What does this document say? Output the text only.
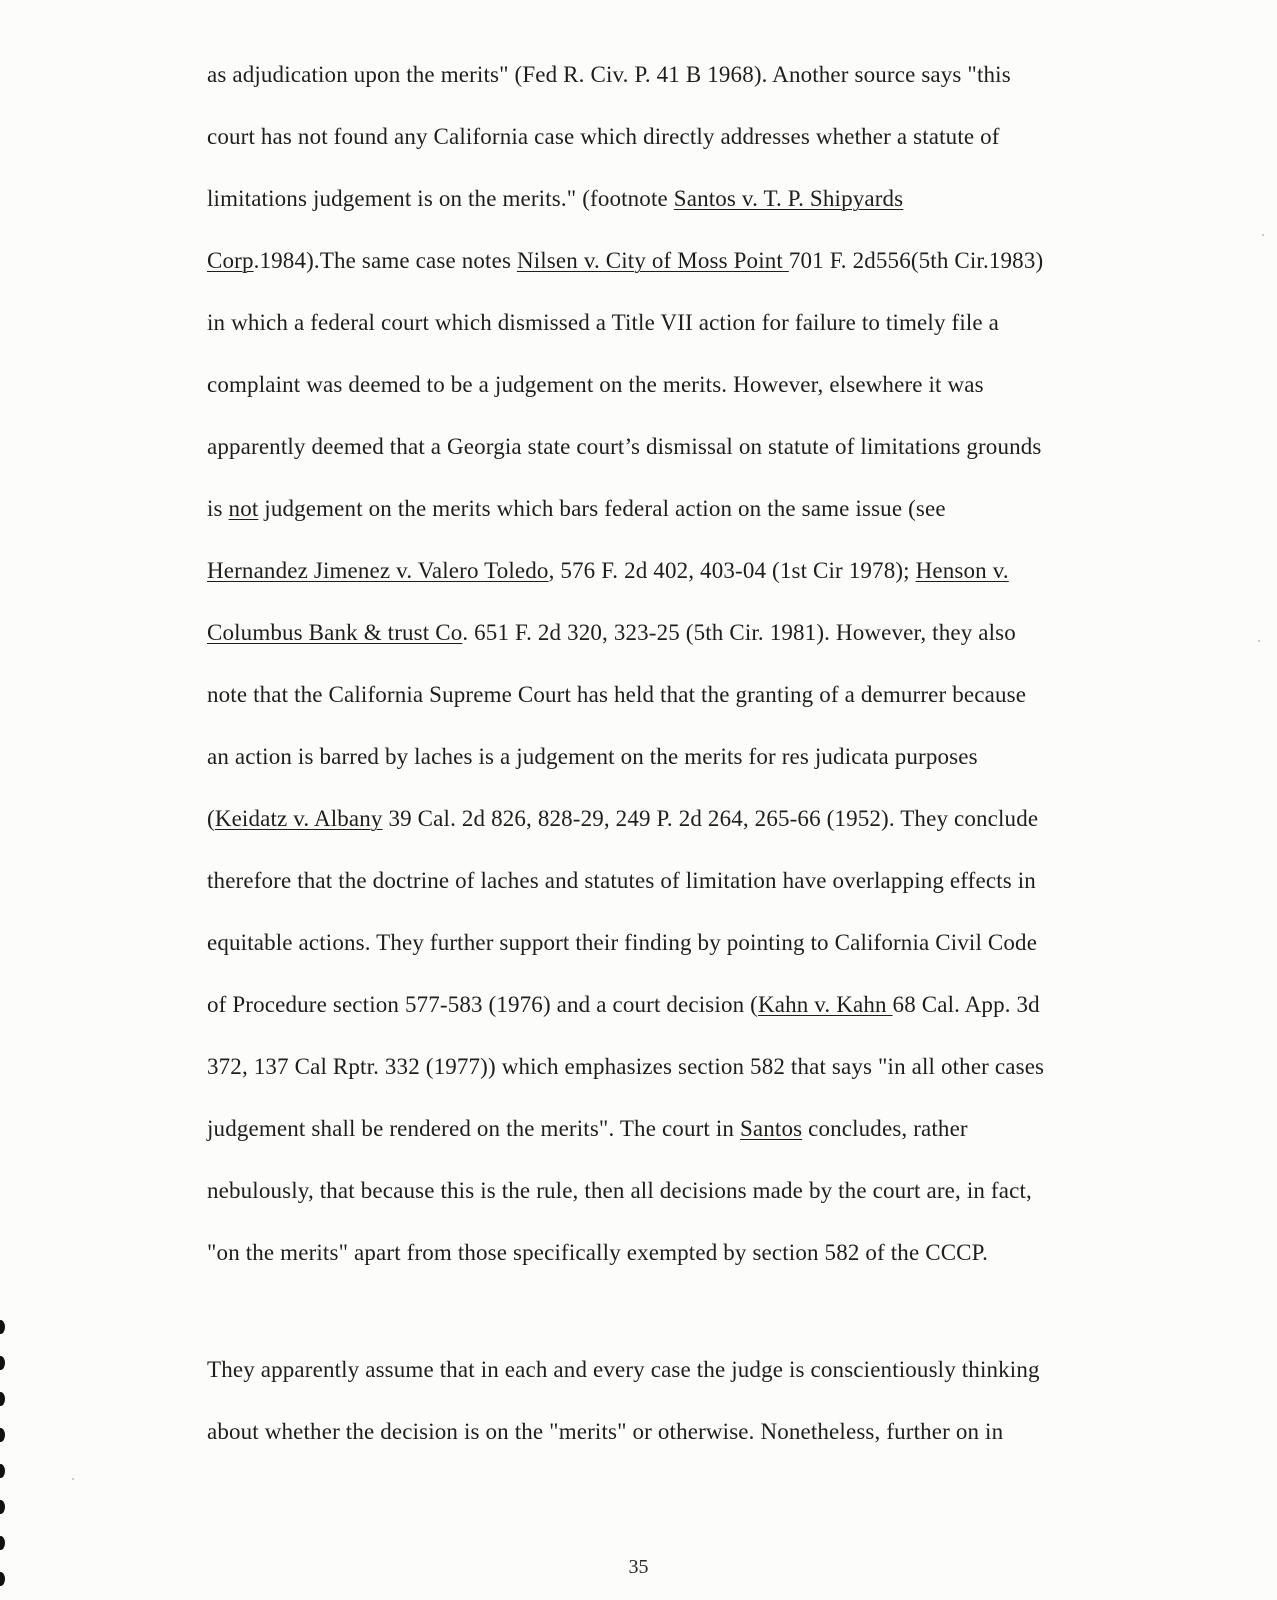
as adjudication upon the merits" (Fed R. Civ. P. 41 B 1968). Another source says "this
court has not found any California case which directly addresses whether a statute of
limitations judgement is on the merits." (footnote Santos v. T. P. Shipyards
Corp.1984).The same case notes Nilsen v. City of Moss Point 701 F. 2d556(5th Cir.1983)
in which a federal court which dismissed a Title VII action for failure to timely file a
complaint was deemed to be a judgement on the merits. However, elsewhere it was
apparently deemed that a Georgia state court’s dismissal on statute of limitations grounds
is not judgement on the merits which bars federal action on the same issue (see
Hernandez Jimenez v. Valero Toledo, 576 F. 2d 402, 403-04 (1st Cir 1978); Henson v.
Columbus Bank & trust Co. 651 F. 2d 320, 323-25 (5th Cir. 1981). However, they also
note that the California Supreme Court has held that the granting of a demurrer because
an action is barred by laches is a judgement on the merits for res judicata purposes
(Keidatz v. Albany 39 Cal. 2d 826, 828-29, 249 P. 2d 264, 265-66 (1952). They conclude
therefore that the doctrine of laches and statutes of limitation have overlapping effects in
equitable actions. They further support their finding by pointing to California Civil Code
of Procedure section 577-583 (1976) and a court decision (Kahn v. Kahn 68 Cal. App. 3d
372, 137 Cal Rptr. 332 (1977)) which emphasizes section 582 that says "in all other cases
judgement shall be rendered on the merits". The court in Santos concludes, rather
nebulously, that because this is the rule, then all decisions made by the court are, in fact,
"on the merits" apart from those specifically exempted by section 582 of the CCCP.
They apparently assume that in each and every case the judge is conscientiously thinking
about whether the decision is on the "merits" or otherwise. Nonetheless, further on in
35
